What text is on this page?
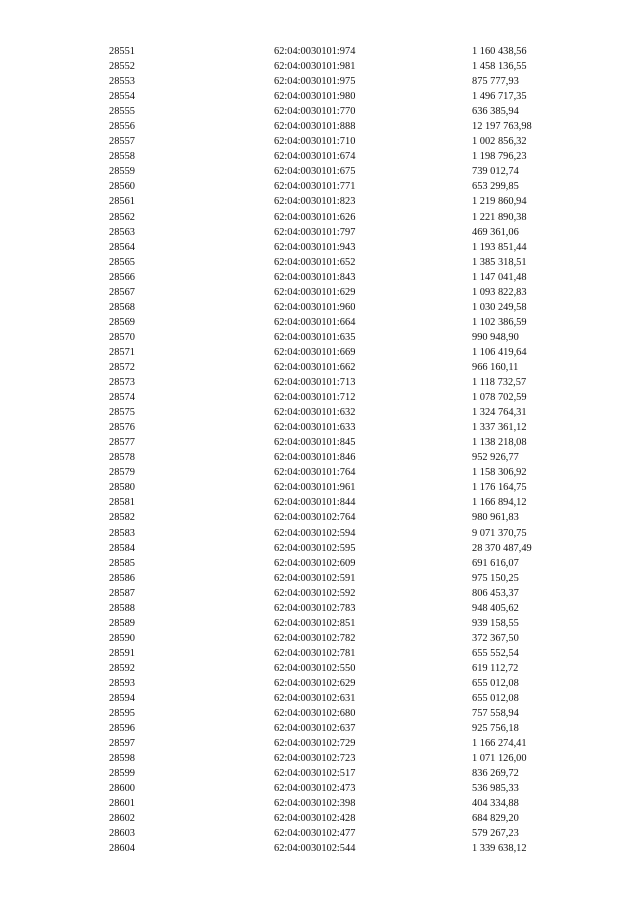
28551	62:04:0030101:974	1 160 438,56
28552	62:04:0030101:981	1 458 136,55
28553	62:04:0030101:975	875 777,93
28554	62:04:0030101:980	1 496 717,35
28555	62:04:0030101:770	636 385,94
28556	62:04:0030101:888	12 197 763,98
28557	62:04:0030101:710	1 002 856,32
28558	62:04:0030101:674	1 198 796,23
28559	62:04:0030101:675	739 012,74
28560	62:04:0030101:771	653 299,85
28561	62:04:0030101:823	1 219 860,94
28562	62:04:0030101:626	1 221 890,38
28563	62:04:0030101:797	469 361,06
28564	62:04:0030101:943	1 193 851,44
28565	62:04:0030101:652	1 385 318,51
28566	62:04:0030101:843	1 147 041,48
28567	62:04:0030101:629	1 093 822,83
28568	62:04:0030101:960	1 030 249,58
28569	62:04:0030101:664	1 102 386,59
28570	62:04:0030101:635	990 948,90
28571	62:04:0030101:669	1 106 419,64
28572	62:04:0030101:662	966 160,11
28573	62:04:0030101:713	1 118 732,57
28574	62:04:0030101:712	1 078 702,59
28575	62:04:0030101:632	1 324 764,31
28576	62:04:0030101:633	1 337 361,12
28577	62:04:0030101:845	1 138 218,08
28578	62:04:0030101:846	952 926,77
28579	62:04:0030101:764	1 158 306,92
28580	62:04:0030101:961	1 176 164,75
28581	62:04:0030101:844	1 166 894,12
28582	62:04:0030102:764	980 961,83
28583	62:04:0030102:594	9 071 370,75
28584	62:04:0030102:595	28 370 487,49
28585	62:04:0030102:609	691 616,07
28586	62:04:0030102:591	975 150,25
28587	62:04:0030102:592	806 453,37
28588	62:04:0030102:783	948 405,62
28589	62:04:0030102:851	939 158,55
28590	62:04:0030102:782	372 367,50
28591	62:04:0030102:781	655 552,54
28592	62:04:0030102:550	619 112,72
28593	62:04:0030102:629	655 012,08
28594	62:04:0030102:631	655 012,08
28595	62:04:0030102:680	757 558,94
28596	62:04:0030102:637	925 756,18
28597	62:04:0030102:729	1 166 274,41
28598	62:04:0030102:723	1 071 126,00
28599	62:04:0030102:517	836 269,72
28600	62:04:0030102:473	536 985,33
28601	62:04:0030102:398	404 334,88
28602	62:04:0030102:428	684 829,20
28603	62:04:0030102:477	579 267,23
28604	62:04:0030102:544	1 339 638,12
